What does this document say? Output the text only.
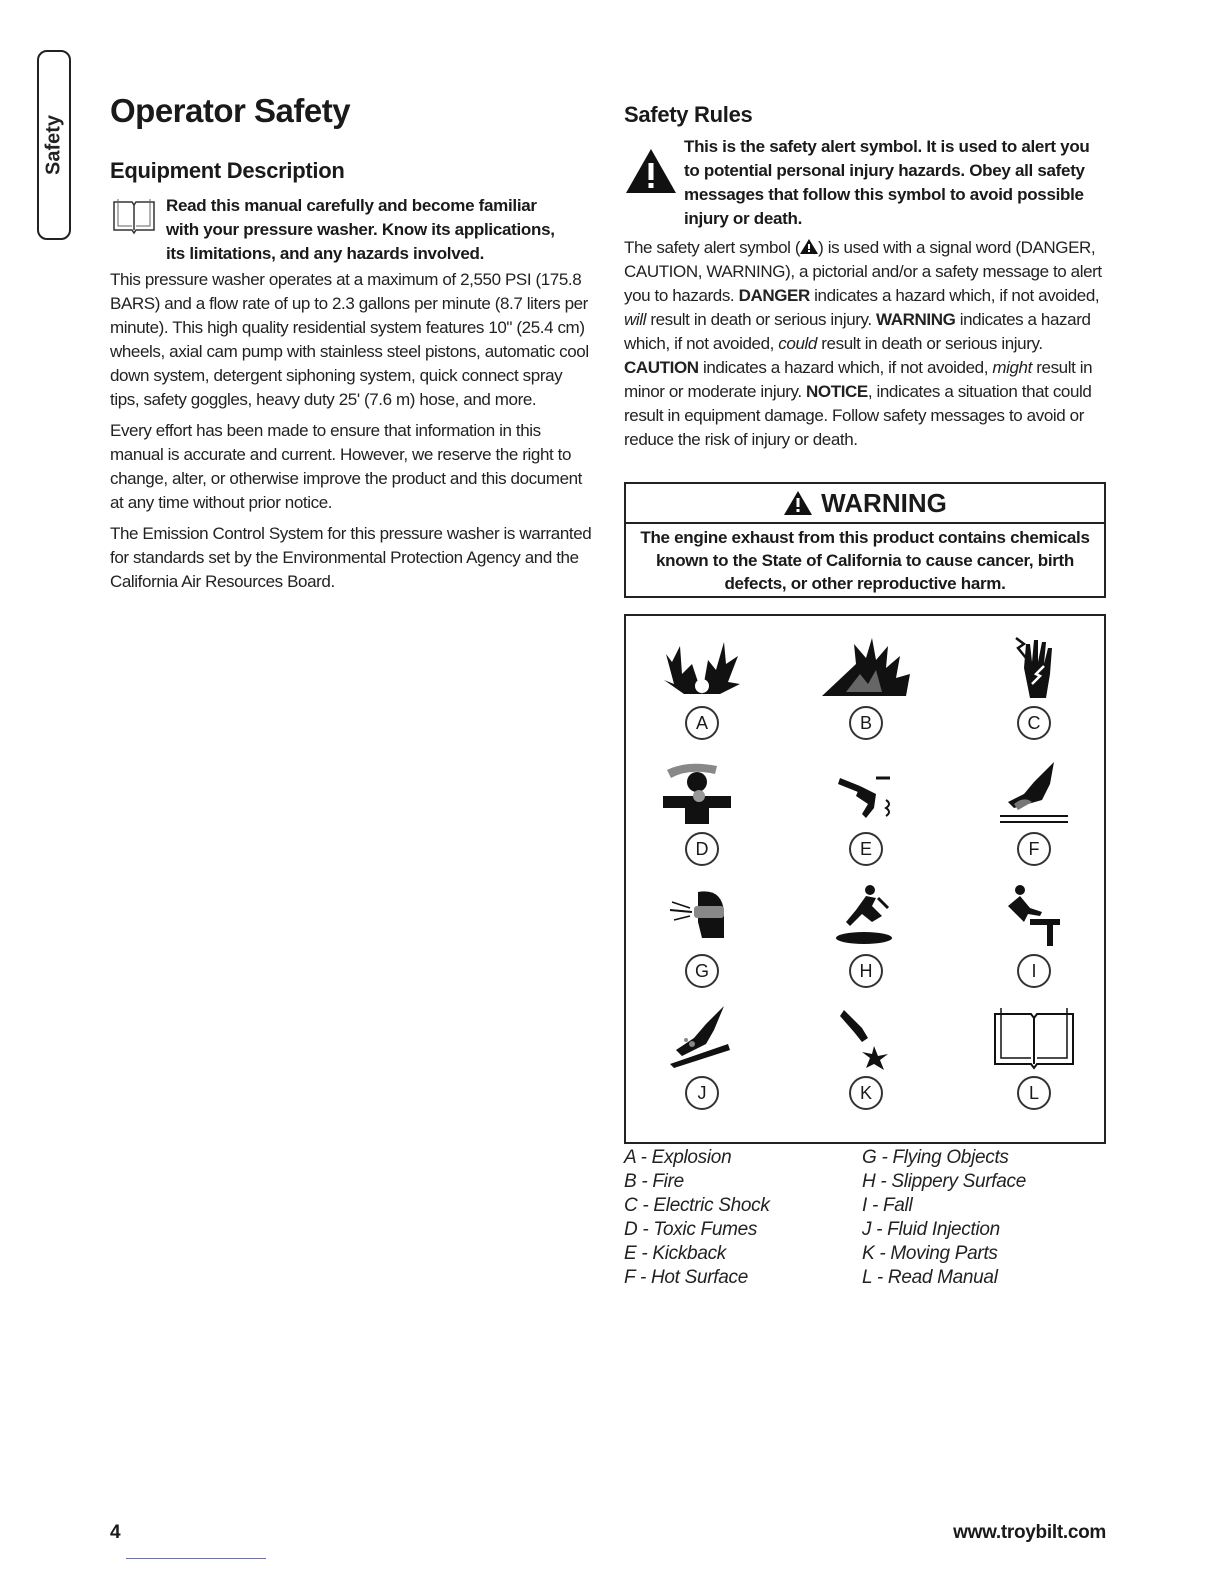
Safety
Operator Safety
Equipment Description
Read this manual carefully and become familiar
with your pressure washer. Know its applications,
its limitations, and any hazards involved.

This pressure washer operates at a maximum of 2,550 PSI (175.8 BARS) and a flow rate of up to 2.3 gallons per minute (8.7 liters per minute). This high quality residential system features 10" (25.4 cm) wheels, axial cam pump with stainless steel pistons, automatic cool down system, detergent siphoning system, quick connect spray tips, safety goggles, heavy duty 25' (7.6 m) hose, and more.

Every effort has been made to ensure that information in this manual is accurate and current. However, we reserve the right to change, alter, or otherwise improve the product and this document at any time without prior notice.

The Emission Control System for this pressure washer is warranted for standards set by the Environmental Protection Agency and the California Air Resources Board.

Safety Rules
This is the safety alert symbol. It is used to alert you to potential personal injury hazards. Obey all safety messages that follow this symbol to avoid possible injury or death.

The safety alert symbol ( ) is used with a signal word (DANGER, CAUTION, WARNING), a pictorial and/or a safety message to alert you to hazards. DANGER indicates a hazard which, if not avoided, will result in death or serious injury. WARNING indicates a hazard which, if not avoided, could result in death or serious injury. CAUTION indicates a hazard which, if not avoided, might result in minor or moderate injury. NOTICE, indicates a situation that could result in equipment damage. Follow safety messages to avoid or reduce the risk of injury or death.

WARNING
The engine exhaust from this product contains chemicals known to the State of California to cause cancer, birth defects, or other reproductive harm.
A	B	C
D	E	F
G	H	I
J	K	L
A - Explosion
B - Fire
C - Electric Shock
D - Toxic Fumes
E - Kickback
F - Hot Surface
G - Flying Objects
H - Slippery Surface
I - Fall
J - Fluid Injection
K - Moving Parts
L - Read Manual
4	www.troybilt.com
